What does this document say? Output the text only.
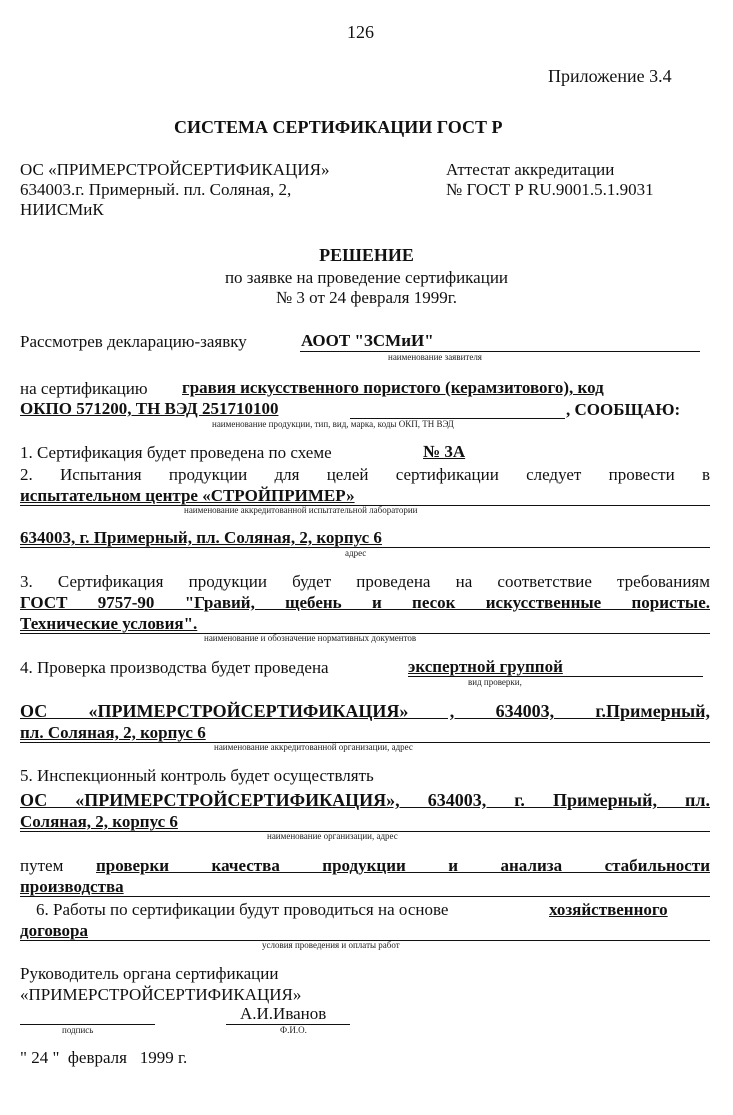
126
Приложение 3.4
СИСТЕМА СЕРТИФИКАЦИИ ГОСТ Р
ОС «ПРИМЕРСТРОЙСЕРТИФИКАЦИЯ»
634003.г. Примерный. пл. Соляная, 2,
НИИСМиК
Аттестат аккредитации
№ ГОСТ Р RU.9001.5.1.9031
РЕШЕНИЕ
по заявке на проведение сертификации
№ 3 от 24 февраля 1999г.
Рассмотрев декларацию-заявку	АООТ "ЗСМиИ"
наименование заявителя
на сертификацию гравия искусственного пористого (керамзитового), код
ОКПО 571200, ТН ВЭД 251710100	, СООБЩАЮ:
наименование продукции, тип, вид, марка, коды ОКП, ТН ВЭД
1. Сертификация будет проведена по схеме	№ 3А
2. Испытания продукции для целей сертификации следует провести в
испытательном центре «СТРОЙПРИМЕР»
наименование аккредитованной испытательной лаборатории
634003, г. Примерный, пл. Соляная, 2, корпус 6
адрес
3. Сертификация продукции будет проведена на соответствие требованиям
ГОСТ 9757-90 "Гравий, щебень и песок искусственные пористые.
Технические условия".
наименование и обозначение нормативных документов
4. Проверка производства будет проведена	экспертной группой
вид проверки,
ОС «ПРИМЕРСТРОЙСЕРТИФИКАЦИЯ» , 634003, г.Примерный,
пл. Соляная, 2, корпус 6
наименование аккредитованной организации, адрес
5. Инспекционный контроль будет осуществлять
ОС «ПРИМЕРСТРОЙСЕРТИФИКАЦИЯ», 634003, г. Примерный, пл.
Соляная, 2, корпус 6
наименование организации, адрес
путем проверки качества продукции и анализа стабильности
производства
6. Работы по сертификации будут проводиться на основе	хозяйственного
договора
условия проведения и оплаты работ
Руководитель органа сертификации
«ПРИМЕРСТРОЙСЕРТИФИКАЦИЯ»
подпись
А.И.Иванов
Ф.И.О.
" 24 "  февраля   1999 г.
